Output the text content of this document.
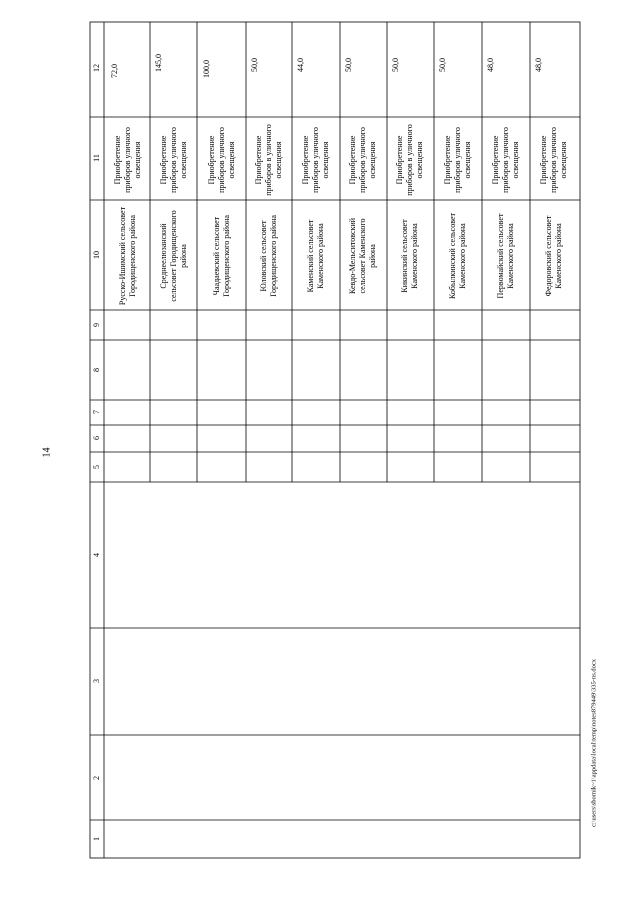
14
1
2
3
4
5
6
7
8
9
10
11
12
Русско-Ишимский сельсовет Городищенского района
Приобретение приборов уличного освещения
72,0
Среднеелюзанский сельсовет Городищенского района
Приобретение приборов уличного освещения
145,0
Чаадаевский сельсовет Городищенского района
Приобретение приборов уличного освещения
100,0
Юловский сельсовет Городищенского района
Приобретение приборов в уличного освещения
50,0
Каменский сельсовет Каменского района
Приобретение приборов уличного освещения
44,0
Кевдо-Мельситовский сельсовет Каменского района
Приобретение приборов уличного освещения
50,0
Кикинский сельсовет Каменского района
Приобретение приборов в уличного освещения
50,0
Кобылкинский сельсовет Каменского района
Приобретение приборов уличного освещения
50,0
Первомайский сельсовет Каменского района
Приобретение приборов уличного освещения
48,0
Федоровский сельсовет Каменского района
Приобретение приборов уличного освещения
48,0
c:\users\sbornik~1\appdata\local\temp\notes879449\335-ns.docx
